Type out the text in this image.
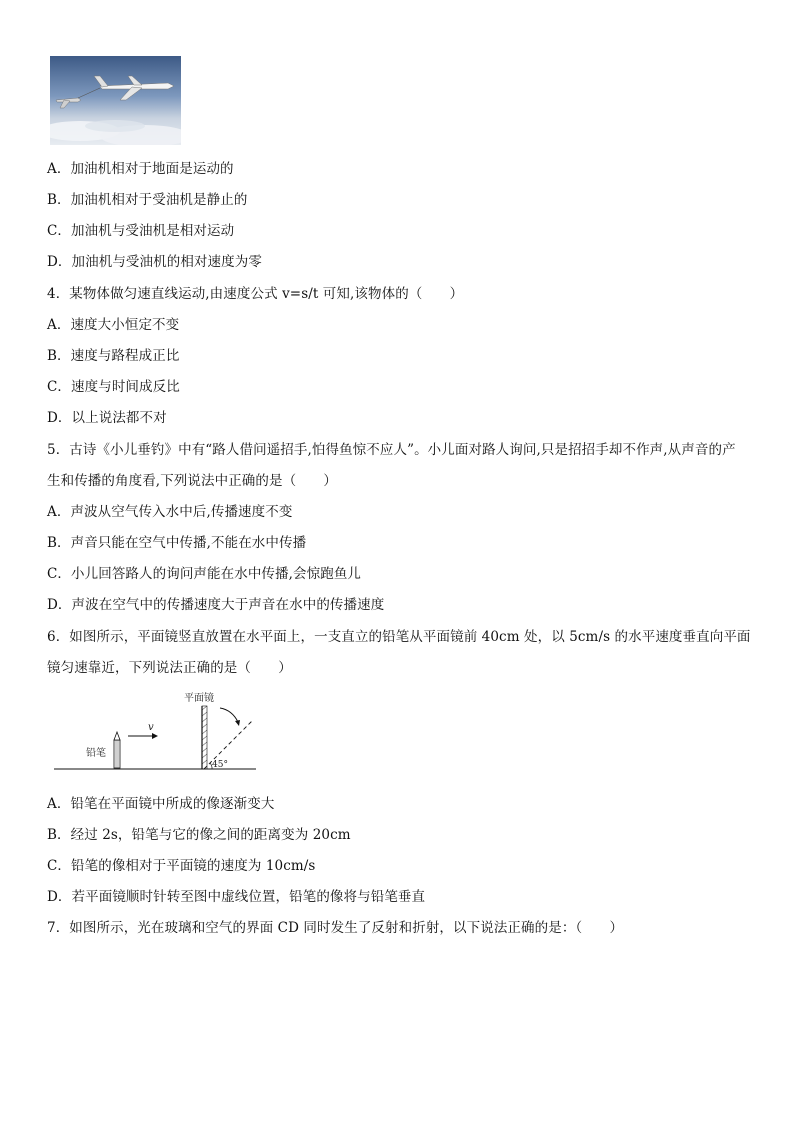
A．加油机相对于地面是运动的
B．加油机相对于受油机是静止的
C．加油机与受油机是相对运动
D．加油机与受油机的相对速度为零
4．某物体做匀速直线运动,由速度公式 v=s/t 可知,该物体的（　　）
A．速度大小恒定不变
B．速度与路程成正比
C．速度与时间成反比
D．以上说法都不对
5．古诗《小儿垂钓》中有“路人借问遥招手,怕得鱼惊不应人”。小儿面对路人询问,只是招招手却不作声,从声音的产
生和传播的角度看,下列说法中正确的是（　　）
A．声波从空气传入水中后,传播速度不变
B．声音只能在空气中传播,不能在水中传播
C．小儿回答路人的询问声能在水中传播,会惊跑鱼儿
D．声波在空气中的传播速度大于声音在水中的传播速度
6．如图所示，平面镜竖直放置在水平面上，一支直立的铅笔从平面镜前 40cm 处，以 5cm/s 的水平速度垂直向平面
镜匀速靠近，下列说法正确的是（　　）
平面镜
铅笔
v
45°
A．铅笔在平面镜中所成的像逐渐变大
B．经过 2s，铅笔与它的像之间的距离变为 20cm
C．铅笔的像相对于平面镜的速度为 10cm/s
D．若平面镜顺时针转至图中虚线位置，铅笔的像将与铅笔垂直
7．如图所示，光在玻璃和空气的界面 CD 同时发生了反射和折射，以下说法正确的是：（　　）
